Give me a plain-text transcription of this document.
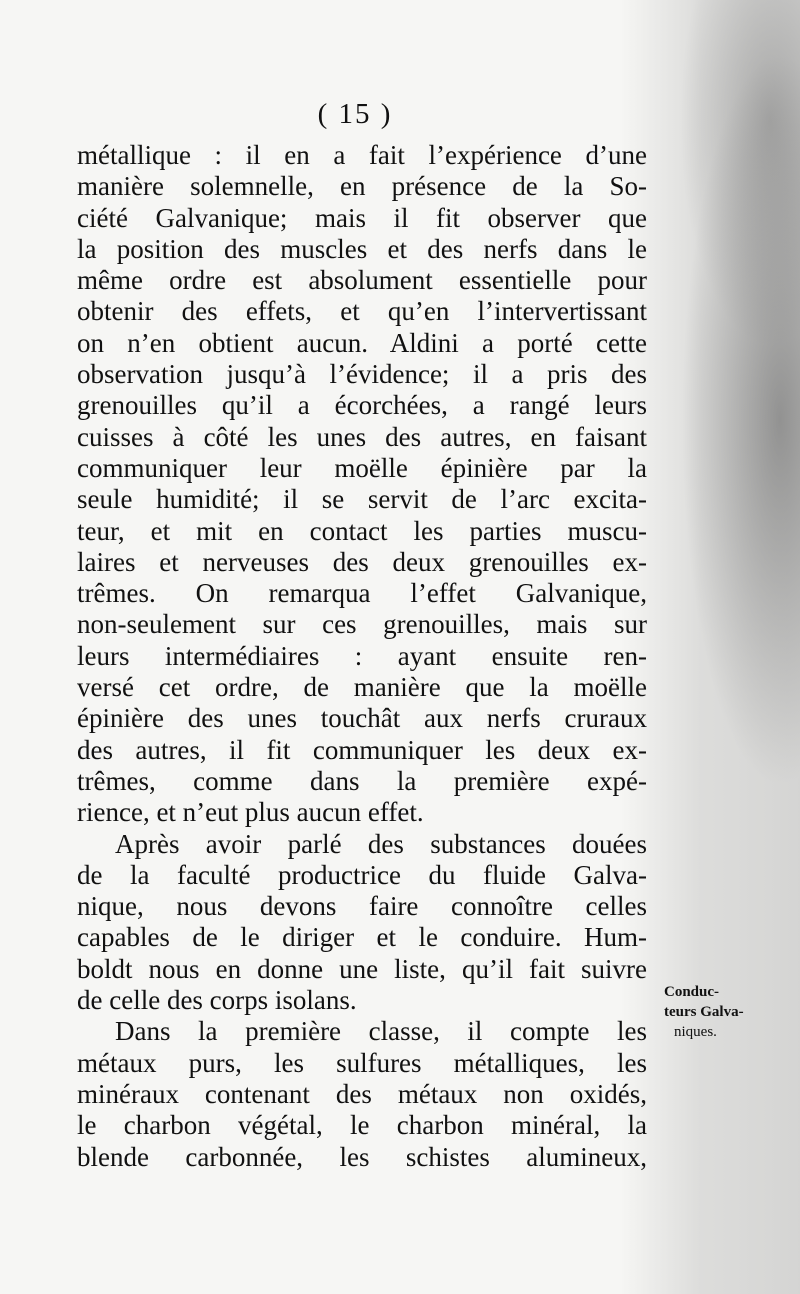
( 15 )
métallique : il en a fait l’expérience d’une
manière solemnelle, en présence de la So-
ciété Galvanique; mais il fit observer que
la position des muscles et des nerfs dans le
même ordre est absolument essentielle pour
obtenir des effets, et qu’en l’intervertissant
on n’en obtient aucun. Aldini a porté cette
observation jusqu’à l’évidence; il a pris des
grenouilles qu’il a écorchées, a rangé leurs
cuisses à côté les unes des autres, en faisant
communiquer leur moëlle épinière par la
seule humidité; il se servit de l’arc excita-
teur, et mit en contact les parties muscu-
laires et nerveuses des deux grenouilles ex-
trêmes. On remarqua l’effet Galvanique,
non-seulement sur ces grenouilles, mais sur
leurs intermédiaires : ayant ensuite ren-
versé cet ordre, de manière que la moëlle
épinière des unes touchât aux nerfs cruraux
des autres, il fit communiquer les deux ex-
trêmes, comme dans la première expé-
rience, et n’eut plus aucun effet.
Après avoir parlé des substances douées
de la faculté productrice du fluide Galva-
nique, nous devons faire connoître celles
capables de le diriger et le conduire. Hum-
boldt nous en donne une liste, qu’il fait suivre
de celle des corps isolans.
Dans la première classe, il compte les
métaux purs, les sulfures métalliques, les
minéraux contenant des métaux non oxidés,
le charbon végétal, le charbon minéral, la
blende carbonnée, les schistes alumineux,
Conduc-
teurs Galva-
niques.
